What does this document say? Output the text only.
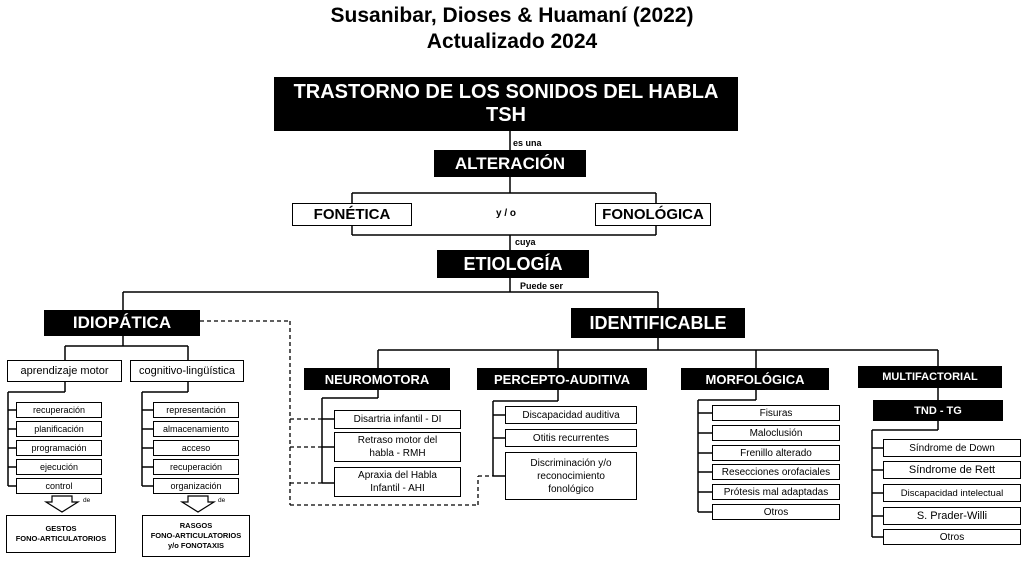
Susanibar, Dioses & Huamaní (2022)
Actualizado 2024
TRASTORNO DE LOS SONIDOS DEL HABLA
TSH
es una
ALTERACIÓN
FONÉTICA	y / o	FONOLÓGICA
cuya
ETIOLOGÍA
Puede ser
IDIOPÁTICA
aprendizaje motor	cognitivo-lingüística
recuperación
planificación
programación
ejecución
control
representación
almacenamiento
acceso
recuperación
organización
de	de
GESTOS
FONO-ARTICULATORIOS
RASGOS
FONO-ARTICULATORIOS
y/o FONOTAXIS
IDENTIFICABLE
NEUROMOTORA
Disartria infantil - DI
Retraso motor del
habla - RMH
Apraxia del Habla
Infantil - AHI
PERCEPTO-AUDITIVA
Discapacidad auditiva
Otitis recurrentes
Discriminación y/o
reconocimiento
fonológico
MORFOLÓGICA
Fisuras
Maloclusión
Frenillo alterado
Resecciones orofaciales
Prótesis mal adaptadas
Otros
MULTIFACTORIAL
TND - TG
Síndrome de Down
Síndrome de Rett
Discapacidad intelectual
S. Prader-Willi
Otros
